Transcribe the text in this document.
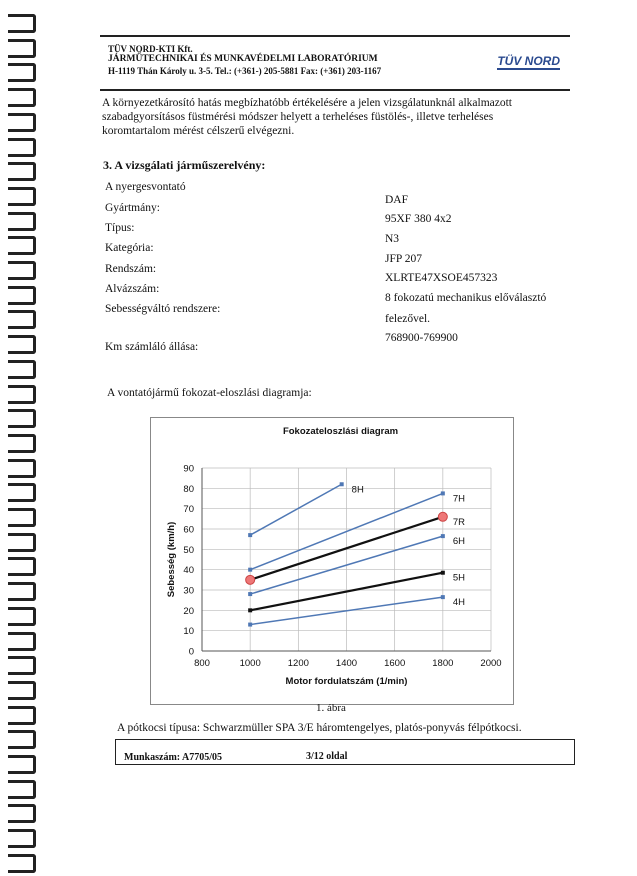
TÜV NORD-KTI Kft.
JÁRMŰTECHNIKAI ÉS MUNKAVÉDELMI LABORATÓRIUM
H-1119 Thán Károly u. 3-5. Tel.: (+361-) 205-5881 Fax: (+361) 203-1167
TÜV NORD
A környezetkárosító hatás megbízhatóbb értékelésére a jelen vizsgálatunknál alkalmazott szabadgyorsításos füstmérési módszer helyett a terheléses füstölés-, illetve terheléses koromtartalom mérést célszerű elvégezni.
3. A vizsgálati járműszerelvény:
A nyergesvontató
Gyártmány:
DAF
Típus:
95XF 380 4x2
Kategória:
N3
Rendszám:
JFP 207
Alvázszám:
XLRTE47XSOE457323
Sebességváltó rendszere:
8 fokozatú mechanikus előválasztó
felezővel.
Km számláló állása:
768900-769900
A vontatójármű fokozat-eloszlási diagramja:
0
10
20
30
40
50
60
70
80
90
800	1000	1200	1400	1600	1800	2000
Fokozateloszlási diagram
Motor fordulatszám (1/min)
Sebesség (km/h)
4H
5H
6H
7R
7H
8H
1. ábra
A pótkocsi típusa: Schwarzmüller SPA 3/E háromtengelyes, platós-ponyvás félpótkocsi.
Munkaszám: A7705/05	3/12 oldal
